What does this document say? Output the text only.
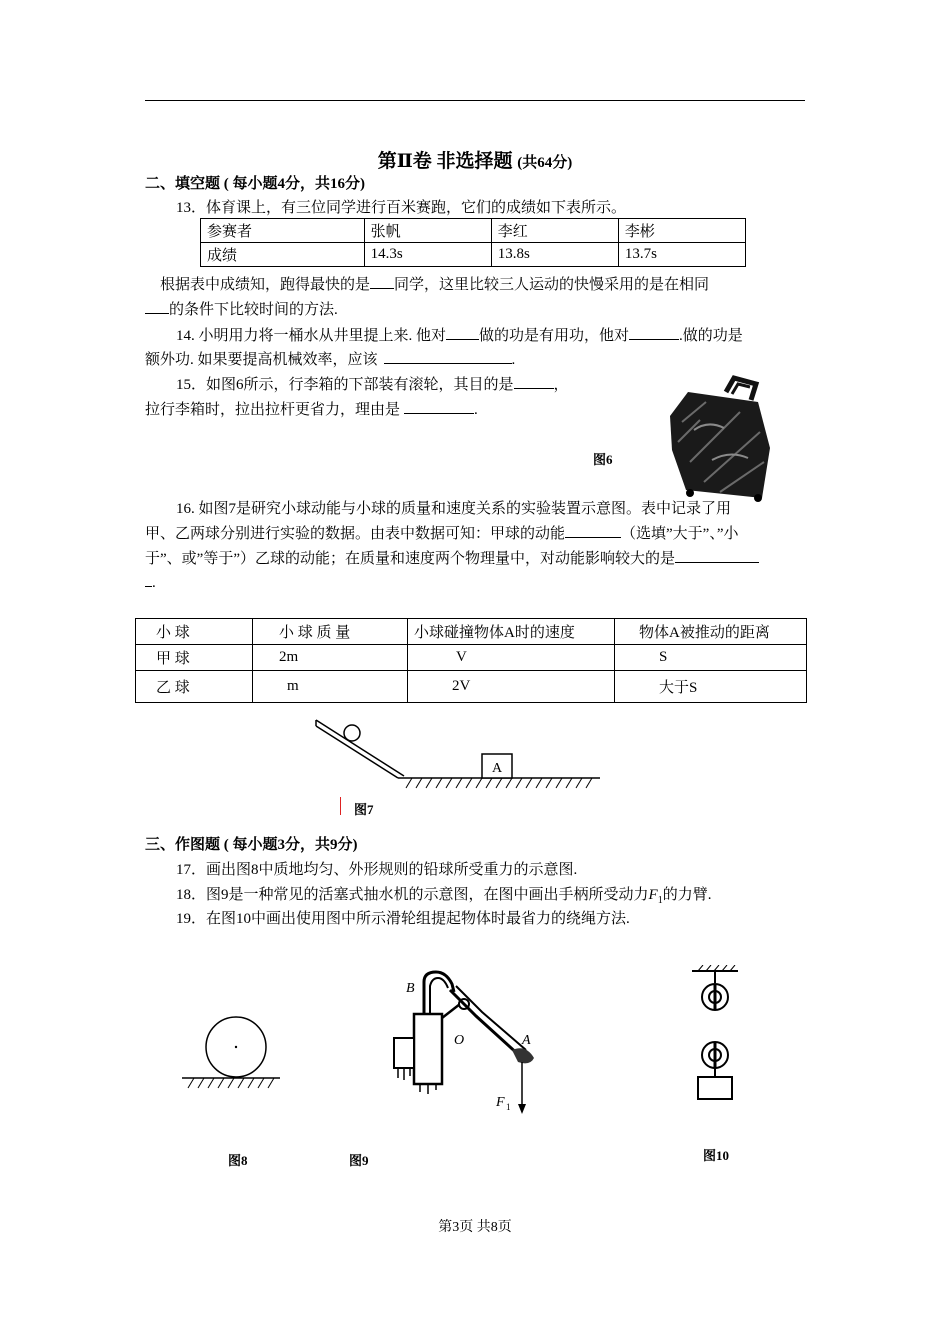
第Ⅱ卷 非选择题 (共64分)
二、填空题 ( 每小题4分，共16分)
13．体育课上，有三位同学进行百米赛跑，它们的成绩如下表所示。
参赛者	张帆	李红	李彬
成绩	14.3s	13.8s	13.7s
根据表中成绩知，跑得最快的是 同学，这里比较三人运动的快慢采用的是在相同
的条件下比较时间的方法.
14. 小明用力将一桶水从井里提上来. 他对 做的功是有用功，他对	.做的功是
额外功. 如果要提高机械效率，应该	.
15．如图6所示，行李箱的下部装有滚轮，其目的是	，
拉行李箱时，拉出拉杆更省力，理由是	.
图6
16. 如图7是研究小球动能与小球的质量和速度关系的实验装置示意图。表中记录了用
甲、乙两球分别进行实验的数据。由表中数据可知：甲球的动能	（选填”大于”、”小
于”、或”等于”）乙球的动能；在质量和速度两个物理量中，对动能影响较大的是
.
小 球	小 球 质 量	小球碰撞物体A时的速度	物体A被推动的距离
甲 球	2m	V	S
乙 球	m	2V	大于S
A
图7
三、作图题 ( 每小题3分，共9分)
17．画出图8中质地均匀、外形规则的铅球所受重力的示意图.
18．图9是一种常见的活塞式抽水机的示意图，在图中画出手柄所受动力$F_1$的力臂.
19．在图10中画出使用图中所示滑轮组提起物体时最省力的绕绳方法.
B
O	A
F 1
图8	图9	图10
第3页 共8页
